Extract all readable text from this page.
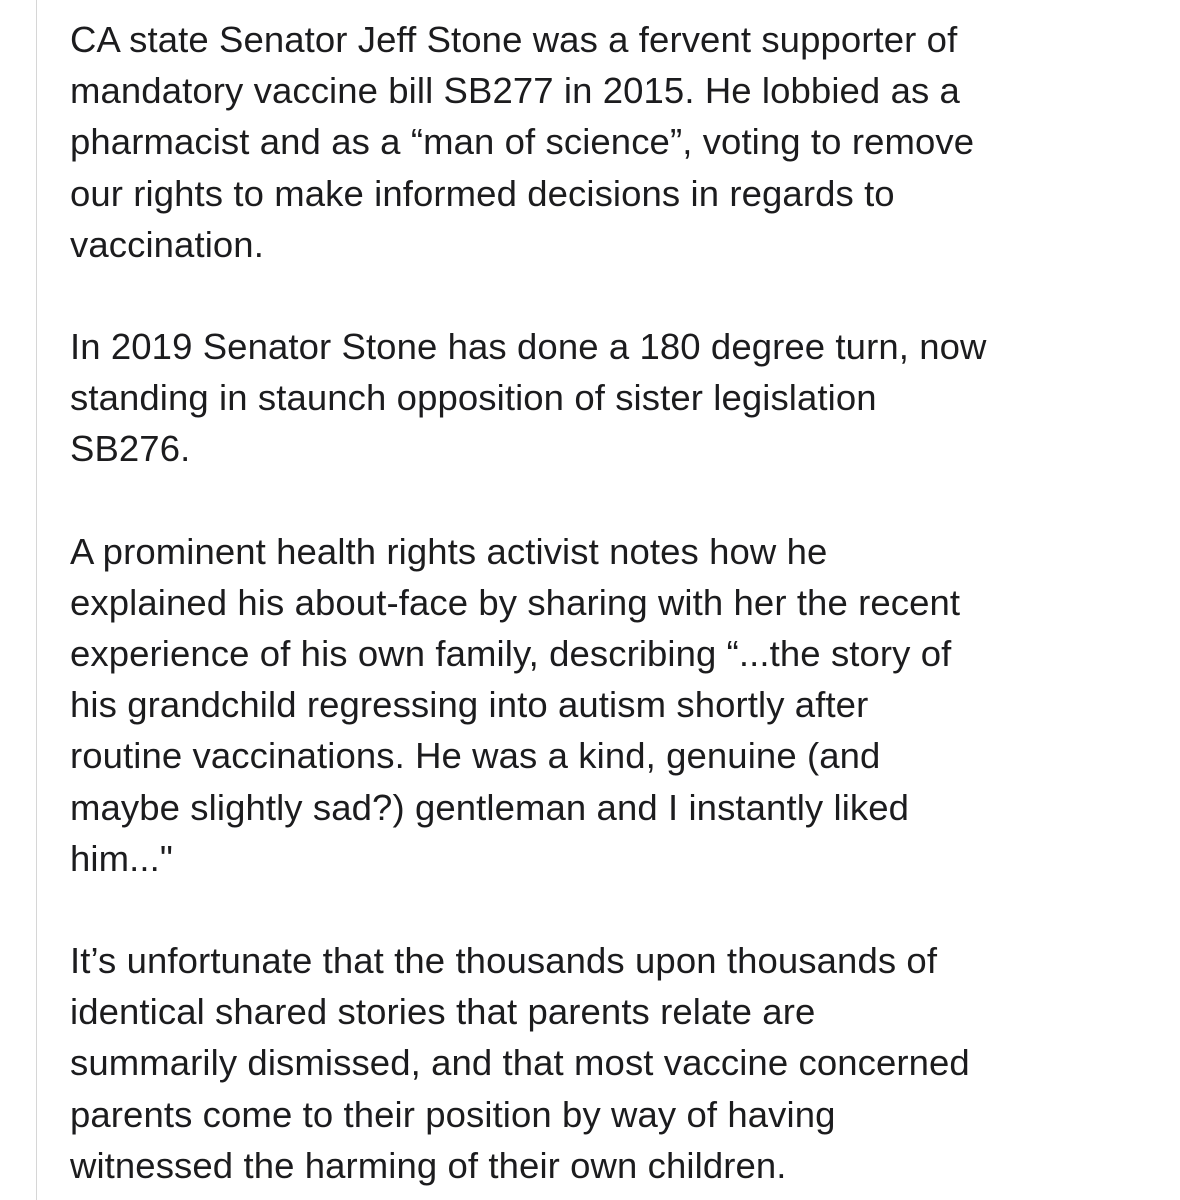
CA state Senator Jeff Stone was a fervent supporter of
mandatory vaccine bill SB277 in 2015. He lobbied as a
pharmacist and as a “man of science”, voting to remove
our rights to make informed decisions in regards to
vaccination.

In 2019 Senator Stone has done a 180 degree turn, now
standing in staunch opposition of sister legislation
SB276.

A prominent health rights activist notes how he
explained his about-face by sharing with her the recent
experience of his own family, describing “...the story of
his grandchild regressing into autism shortly after
routine vaccinations. He was a kind, genuine (and
maybe slightly sad?) gentleman and I instantly liked
him..."

It’s unfortunate that the thousands upon thousands of
identical shared stories that parents relate are
summarily dismissed, and that most vaccine concerned
parents come to their position by way of having
witnessed the harming of their own children.
